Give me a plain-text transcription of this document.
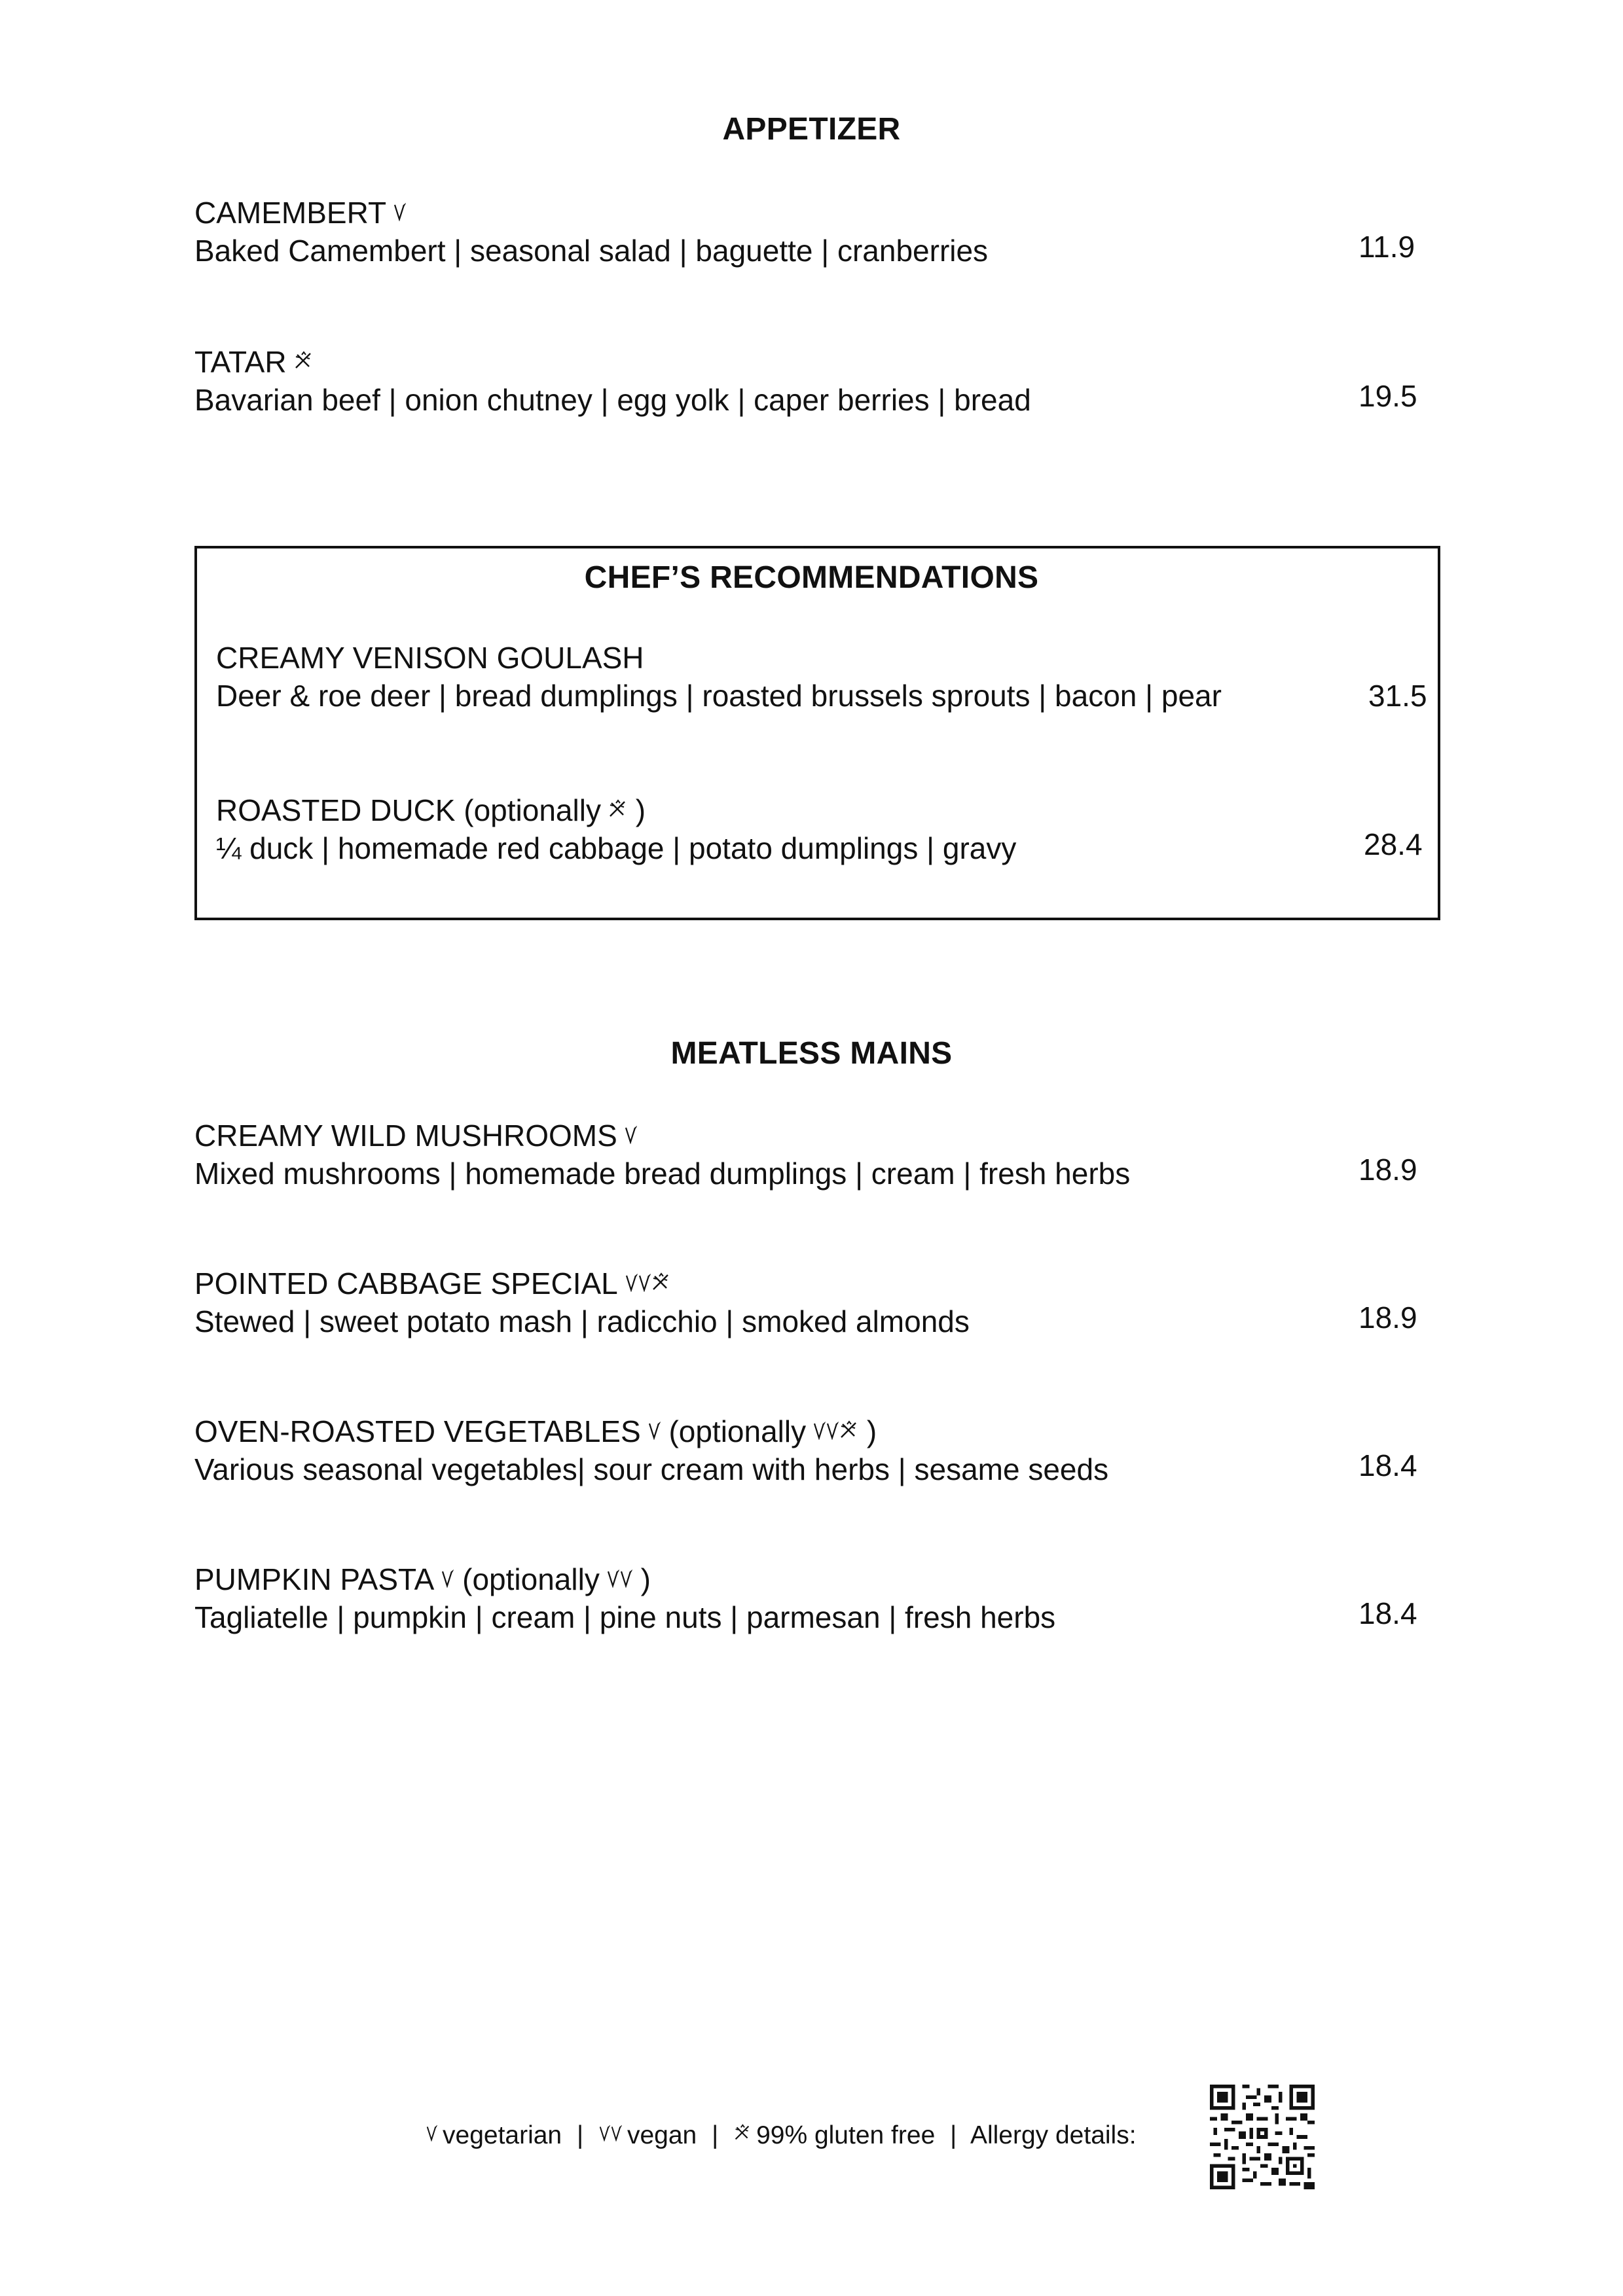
APPETIZER
CAMEMBERT
Baked Camembert | seasonal salad | baguette | cranberries	11.9
TATAR
Bavarian beef | onion chutney | egg yolk | caper berries | bread	19.5
CHEF’S RECOMMENDATIONS
CREAMY VENISON GOULASH
Deer & roe deer | bread dumplings | roasted brussels sprouts | bacon | pear	31.5
ROASTED DUCK (optionally )
¼ duck | homemade red cabbage | potato dumplings | gravy	28.4
MEATLESS MAINS
CREAMY WILD MUSHROOMS
Mixed mushrooms | homemade bread dumplings | cream | fresh herbs	18.9
POINTED CABBAGE SPECIAL
Stewed | sweet potato mash | radicchio | smoked almonds	18.9
OVEN-ROASTED VEGETABLES (optionally )
Various seasonal vegetables| sour cream with herbs | sesame seeds	18.4
PUMPKIN PASTA (optionally )
Tagliatelle | pumpkin | cream | pine nuts | parmesan | fresh herbs	18.4
vegetarian | vegan | 99% gluten free | Allergy details:
